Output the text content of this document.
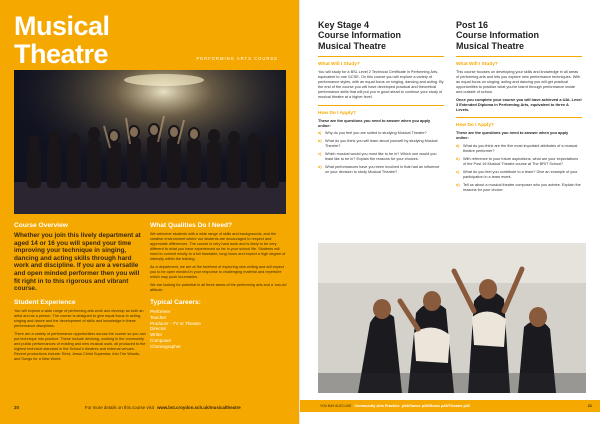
Musical Theatre	PERFORMING ARTS COURSE
Course Overview
Whether you join this lively department at aged 14 or 16 you will spend your time improving your technique in singing, dancing and acting skills through hard work and discipline. If you are a versatile and open minded performer then you will fit right in to this rigorous and vibrant course.
Student Experience
You will explore a wide range of performing arts work and develop as both an artist and as a person. The course is designed to give equal focus to acting, singing and dance and the development of skills and knowledge in these performance disciplines.
There are a variety of performance opportunities across the course so you can put technique into practice. These include devising, working in the community and public performances of existing and new musical work, all produced to the highest technical standard in the School's theatres and external venues. Recent productions include: Rent, Jesus Christ Superstar, Into The Woods, and Songs for a New World.
What Qualities Do I Need?
We welcome students with a wide range of skills and backgrounds, and the creative environment where our students are encouraged to respect and appreciate differences. The course is very hard work and is likely to be very different to what you have experienced so far in your school life. Students will need to commit wholly to a full timetable, long hours and expect a high degree of intensity within the training.
As a department, we are at the forefront of exploring new writing and will expect you to be open minded in your response to challenging material and repertoire which may push boundaries.
We are looking for potential in all three areas of the performing arts and a 'can-do' attitude.
Typical Careers:
Performer
Teacher
Producer - TV or Theatre
Director
Writer
Composer
Choreographer
20	For more details on this course visit www.bst.croydon.sch.uk/musicaltheatre
Key Stage 4
Course Information
Musical Theatre
What Will I Study?
You will study for a BSL Level 2 Technical Certificate in Performing Arts, equivalent to one GCSE. On this course you will explore a variety of performance styles, with an equal focus on singing, dancing and acting. By the end of the course you will have developed practical and theoretical performance skills that will put you in good stead to continue your study of musical theatre at a higher level.
How Do I Apply?
These are the questions you need to answer when you apply online:
a) Why do you feel you are suited to studying Musical Theatre?
b) What do you think you will learn about yourself by studying Musical Theatre?
c) Which musical would you most like to be in? Which one would you least like to be in? Explain the reasons for your choices.
d) What performances have you been involved in that had an influence on your decision to study Musical Theatre?
Post 16
Course Information
Musical Theatre
What Will I Study?
This course focuses on developing your skills and knowledge in all areas of performing arts and lets you explore new performance techniques. With an equal focus on singing, acting and dancing you will get practical opportunities to practise what you've learnt through performance inside and outside of school.
Once you complete your course you will have achieved a UAL Level 3 Extended Diploma in Performing Arts, equivalent to three A Levels.
How Do I Apply?
These are the questions you need to answer when you apply online:
a) What do you think are the five most important attributes of a musical theatre performer?
b) With reference to your future aspirations, what are your expectations of the Post 16 Musical Theatre course at The BRIT School?
c) What do you feel you contribute to a team? Give an example of your participation in a team event.
d) Tell us about a musical theatre composer who you admire. Explain the reasons for your choice.
YOU MAY ALSO LIKE Community Arts Practice p34/Dance p26/Music p28/Theatre p32	21
